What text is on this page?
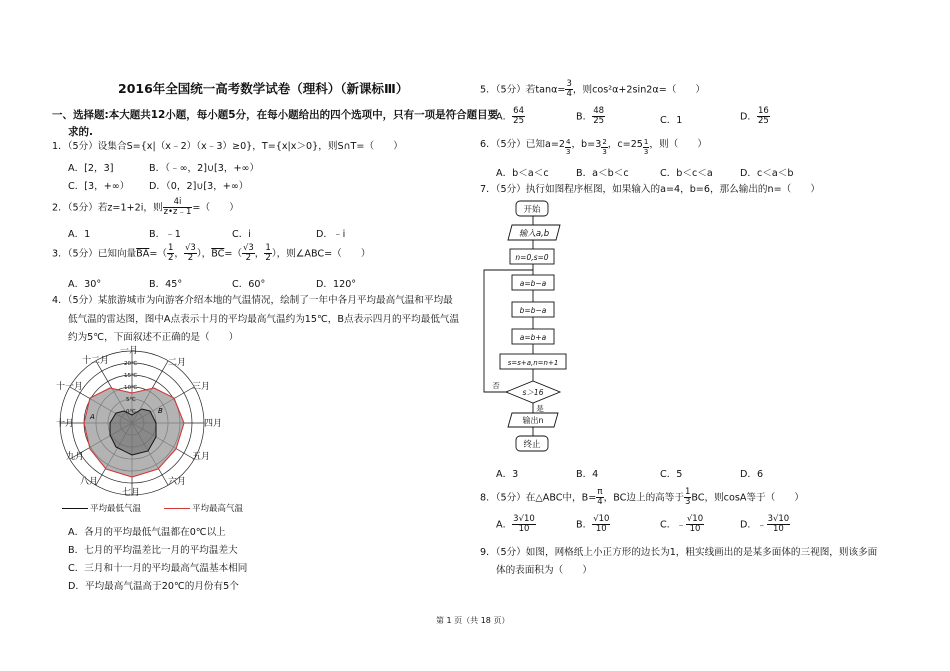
2016年全国统一高考数学试卷（理科）（新课标Ⅲ）
一、选择题:本大题共12小题，每小题5分，在每小题给出的四个选项中，只有一项是符合题目要
求的.
1．（5分）设集合S={x|（x﹣2）（x﹣3）≥0}，T={x|x＞0}，则S∩T=（　　）
A．[2，3]	B．（﹣∞，2]∪[3，+∞）
C．[3，+∞） D．（0，2]∪[3，+∞）
2．（5分）若z=1+2i，则 $\frac{4i}{z•z﹣1}$ =（　　）
A．1	B．﹣1	C．i	D．﹣i
3．（5分）已知向量$\overline{BA}=( \frac{1}{2}$ ， $\frac{√3}{2}$ ），$\overline{BC}=( \frac{√3}{2}$ ， $\frac{1}{2}$ ），则∠ABC=（　　）
A．30°	B．45°	C．60°	D．120°
4．（5分）某旅游城市为向游客介绍本地的气温情况，绘制了一年中各月平均最高气温和平均最
低气温的雷达图，图中A点表示十月的平均最高气温约为15℃，B点表示四月的平均最低气温
约为5℃，下面叙述不正确的是（　　）
20℃
15℃
10℃
5℃
0℃
一月
二月
三月
四月
五月
六月
七月
八月
九月
十月
十一月
十二月
A
B
平均最低气温	平均最高气温
A．各月的平均最低气温都在0℃以上
B．七月的平均温差比一月的平均温差大
C．三月和十一月的平均最高气温基本相同
D．平均最高气温高于20℃的月份有5个
5．（5分）若$\tan\alpha= \frac{3}{4}$ ，则cos²α+2sin2α=（　　）
A． $\frac{64}{25}$	B． $\frac{48}{25}$	C．1	D． $\frac{16}{25}$
6．（5分）已知a=2 $^{\frac{4}{3}}$ ，b=3 $^{\frac{2}{3}}$ ，c=25 $^{\frac{1}{3}}$ ，则（　　）
A．b＜a＜c	B．a＜b＜c	C．b＜c＜a	D．c＜a＜b
7．（5分）执行如图程序框图，如果输入的a=4，b=6，那么输出的n=（　　）
开始
输入a,b
n=0,s=0
a=b−a
b=b−a
a=b+a
s=s+a,n=n+1
s＞16
是
否
输出n
终止
A．3	B．4	C．5	D．6
8．（5分）在△ABC中，$B= \frac{\pi}{4}$ ，BC边上的高等于 $\frac{1}{3}$ BC，则cosA等于（　　）
A． $\frac{3√10}{10}$	B． $\frac{√10}{10}$	C．﹣ $\frac{√10}{10}$	D．﹣ $\frac{3√10}{10}$
9．（5分）如图，网格纸上小正方形的边长为1，粗实线画出的是某多面体的三视图，则该多面
体的表面积为（　　）
第 1 页（共 18 页）
